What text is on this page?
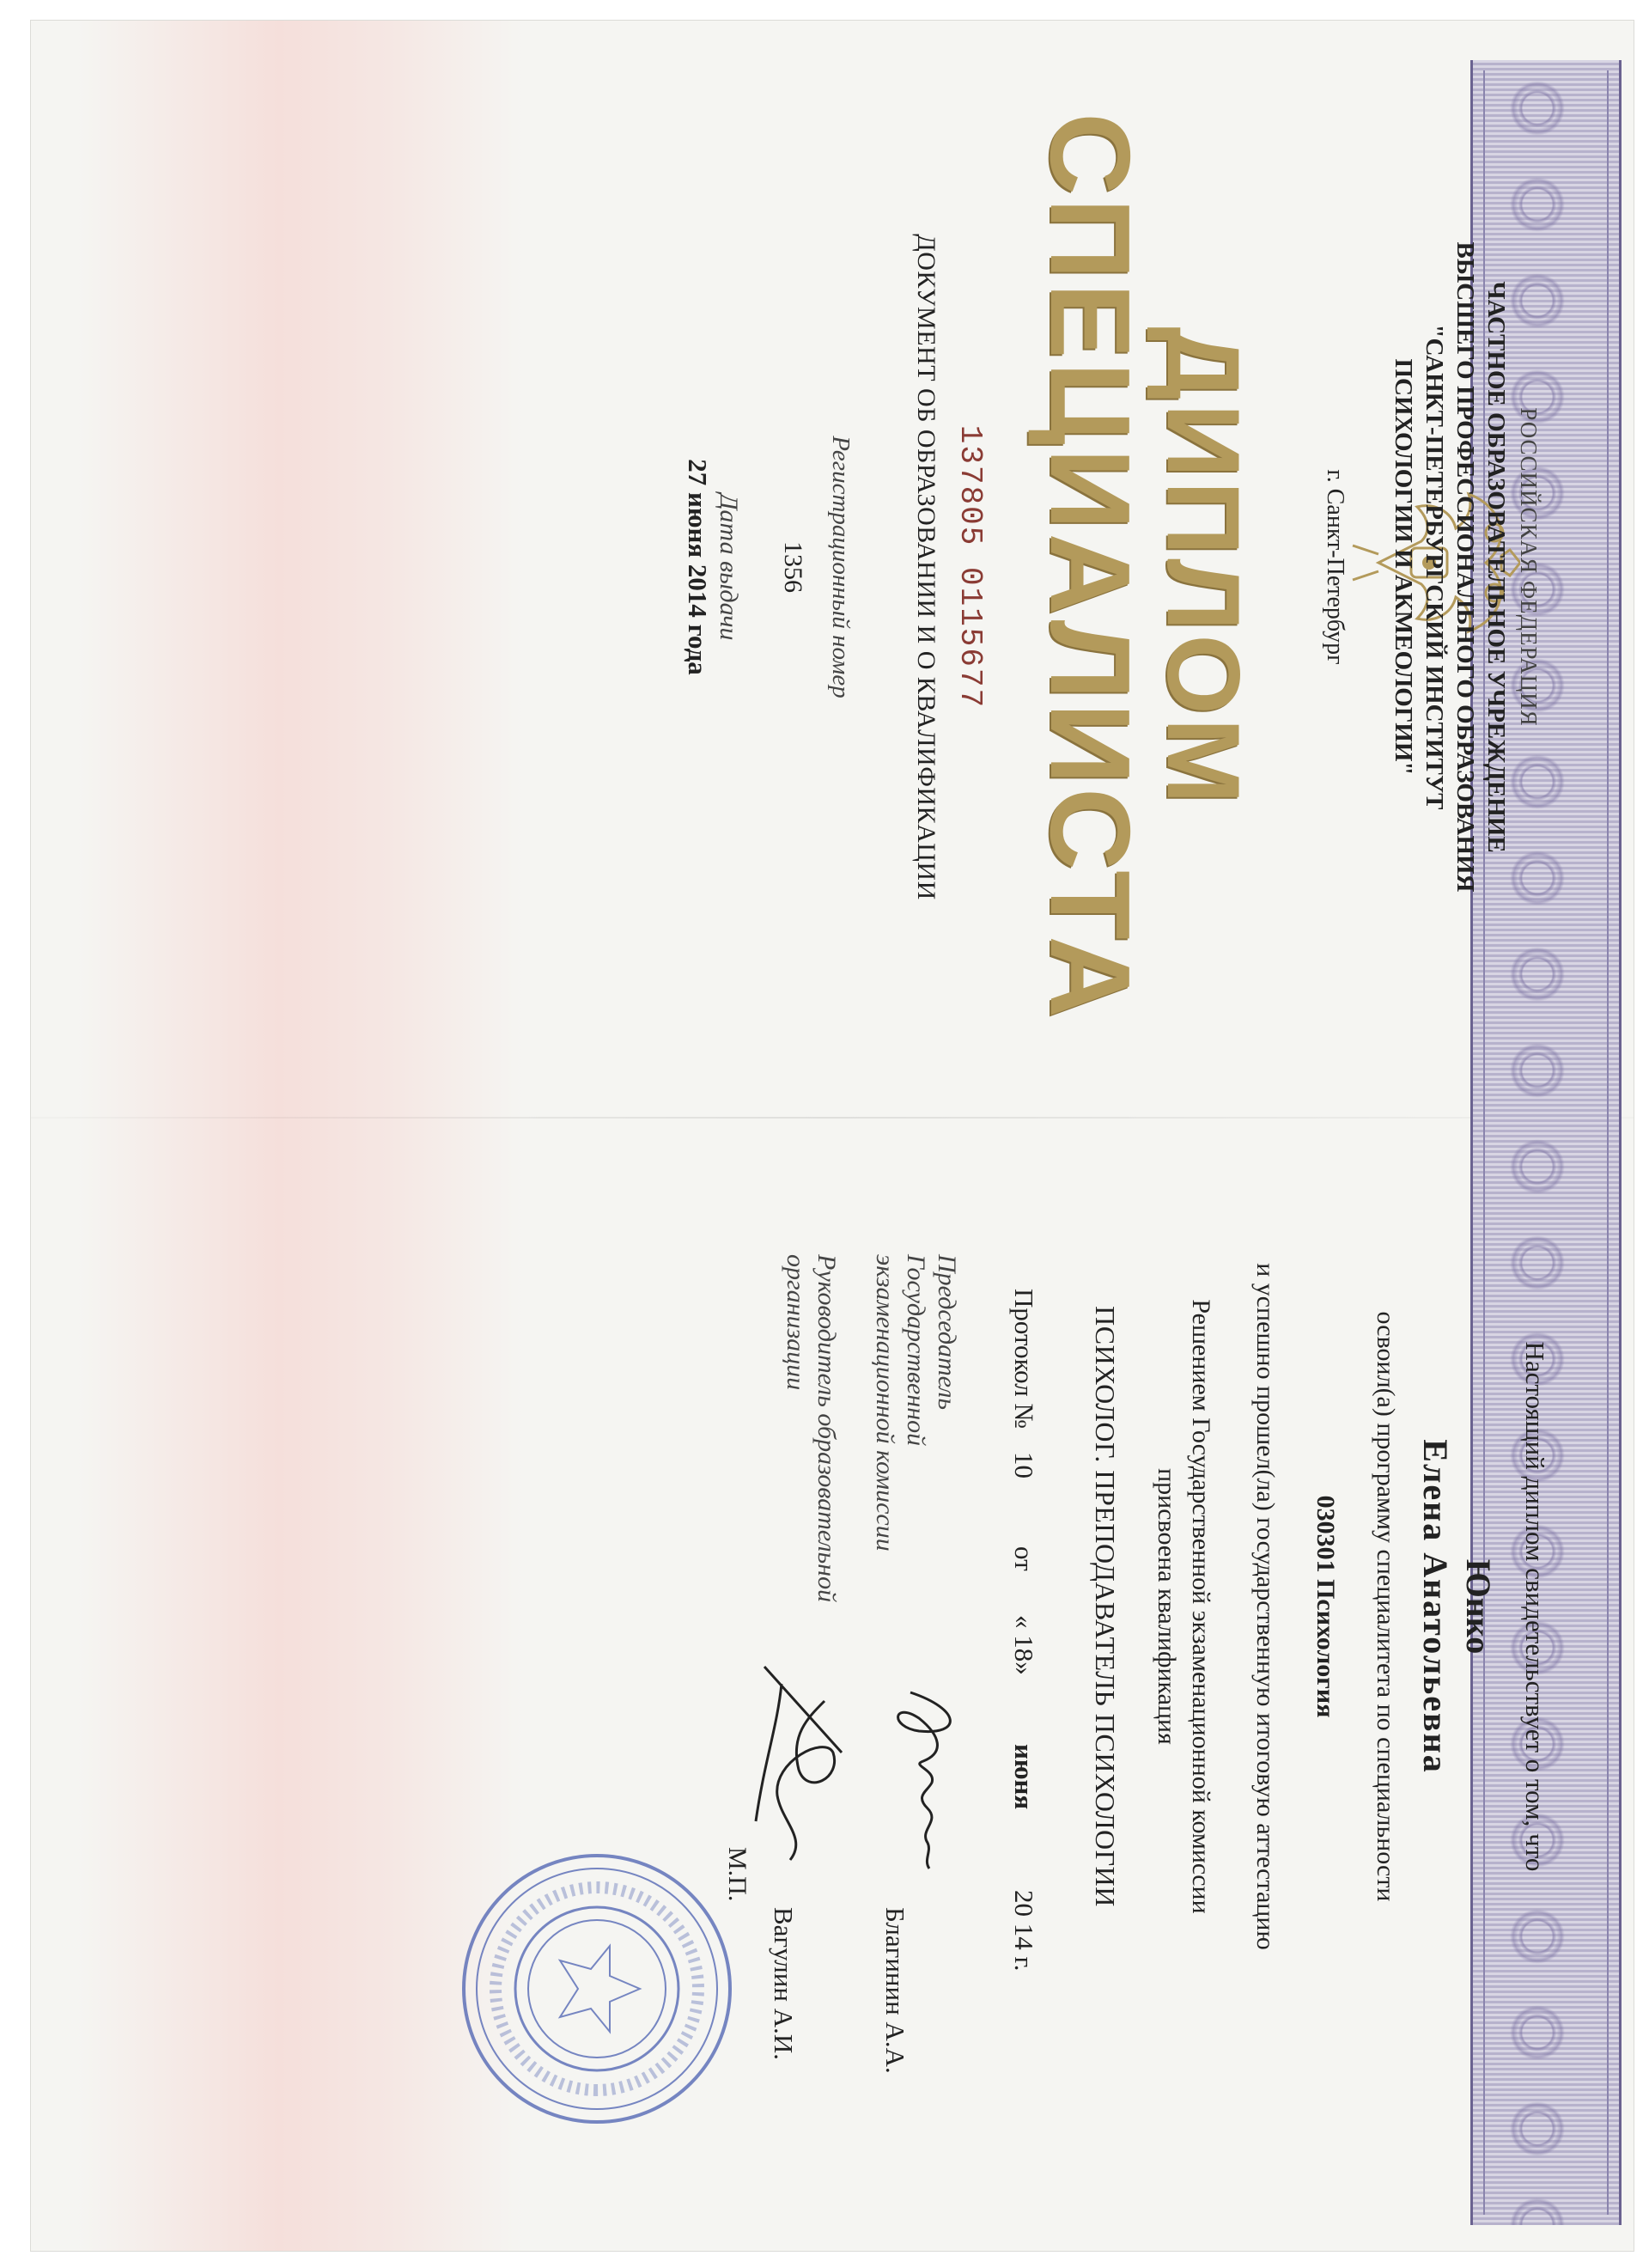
РОССИЙСКАЯ ФЕДЕРАЦИЯ
ЧАСТНОЕ ОБРАЗОВАТЕЛЬНОЕ УЧРЕЖДЕНИЕ
ВЫСШЕГО ПРОФЕССИОНАЛЬНОГО ОБРАЗОВАНИЯ
"САНКТ-ПЕТЕРБУРГСКИЙ ИНСТИТУТ
ПСИХОЛОГИИ И АКМЕОЛОГИИ"
г. Санкт-Петербург
ДИПЛОМ
СПЕЦИАЛИСТА
137805 0115677
ДОКУМЕНТ ОБ ОБРАЗОВАНИИ И О КВАЛИФИКАЦИИ
Регистрационный номер
1356
Дата выдачи
27 июня 2014 года
Настоящий диплом свидетельствует о том, что
Юнко
Елена Анатольевна
освоил(а) программу специалитета по специальности
030301 Психология
и успешно прошел(ла) государственную итоговую аттестацию
Решением Государственной экзаменационной комиссии
присвоена квалификация
ПСИХОЛОГ. ПРЕПОДАВАТЕЛЬ ПСИХОЛОГИИ
Протокол №
10
от
« 18»
июня
20 14 г.
Председатель
Государственной
экзаменационной комиссии
Руководитель образовательной
организации
Благинин А.А.
Вагулин А.И.
М.П.
